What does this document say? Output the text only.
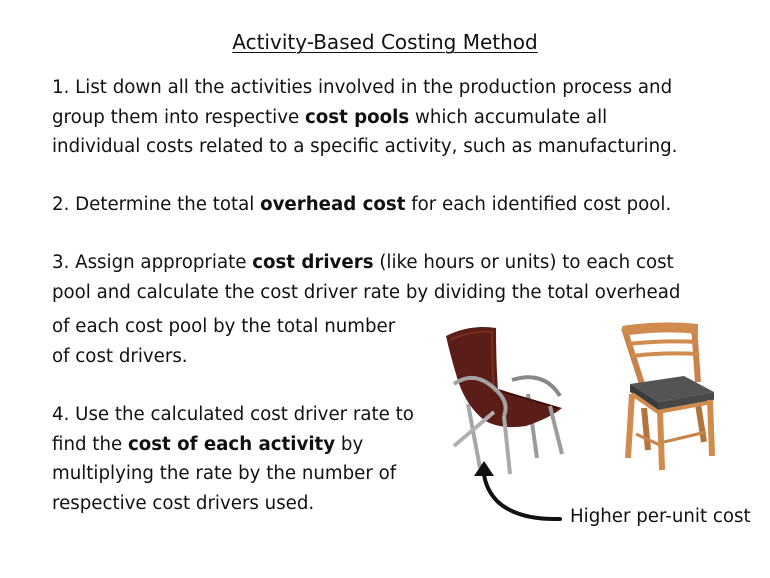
Activity-Based Costing Method
1. List down all the activities involved in the production process and
group them into respective cost pools which accumulate all
individual costs related to a specific activity, such as manufacturing.
2. Determine the total overhead cost for each identified cost pool.
3. Assign appropriate cost drivers (like hours or units) to each cost
pool and calculate the cost driver rate by dividing the total overhead
of each cost pool by the total number
of cost drivers.
4. Use the calculated cost driver rate to
find the cost of each activity by
multiplying the rate by the number of
respective cost drivers used.
Higher per-unit cost
